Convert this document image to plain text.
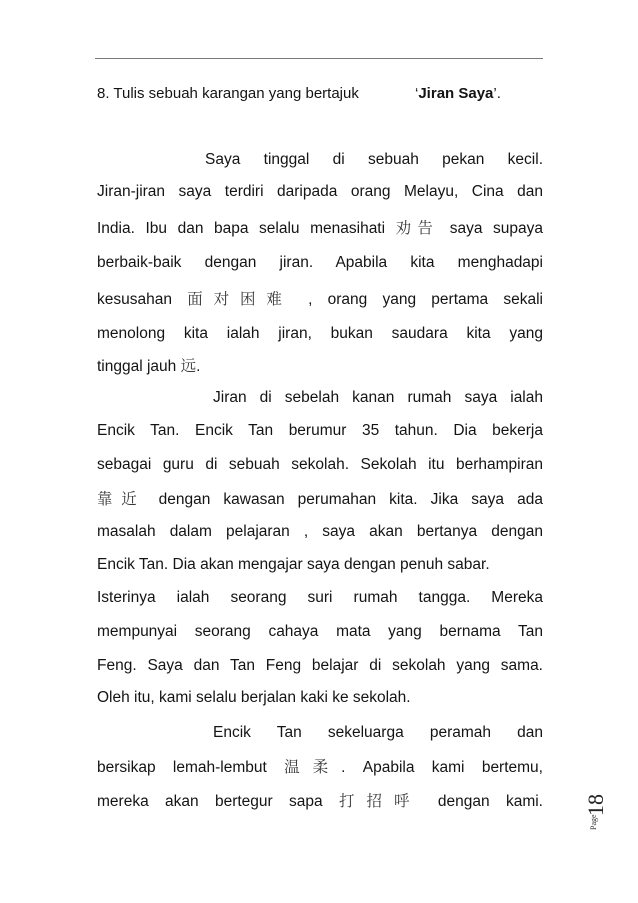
8. Tulis sebuah karangan yang bertajuk	‘Jiran Saya’.
Saya tinggal di sebuah pekan kecil.
Jiran-jiran saya terdiri daripada orang Melayu, Cina dan
India. Ibu dan bapa selalu menasihati 劝告 saya supaya
berbaik-baik dengan jiran. Apabila kita menghadapi
kesusahan 面对困难 , orang yang pertama sekali
menolong kita ialah jiran, bukan saudara kita yang
tinggal jauh 远.
Jiran di sebelah kanan rumah saya ialah
Encik Tan. Encik Tan berumur 35 tahun. Dia bekerja
sebagai guru di sebuah sekolah. Sekolah itu berhampiran
靠近 dengan kawasan perumahan kita. Jika saya ada
masalah dalam pelajaran , saya akan bertanya dengan
Encik Tan. Dia akan mengajar saya dengan penuh sabar.
Isterinya ialah seorang suri rumah tangga. Mereka
mempunyai seorang cahaya mata yang bernama Tan
Feng. Saya dan Tan Feng belajar di sekolah yang sama.
Oleh itu, kami selalu berjalan kaki ke sekolah.
Encik Tan sekeluarga peramah dan
bersikap lemah-lembut 温柔. Apabila kami bertemu,
mereka akan bertegur sapa 打招呼 dengan kami.
Page
18
